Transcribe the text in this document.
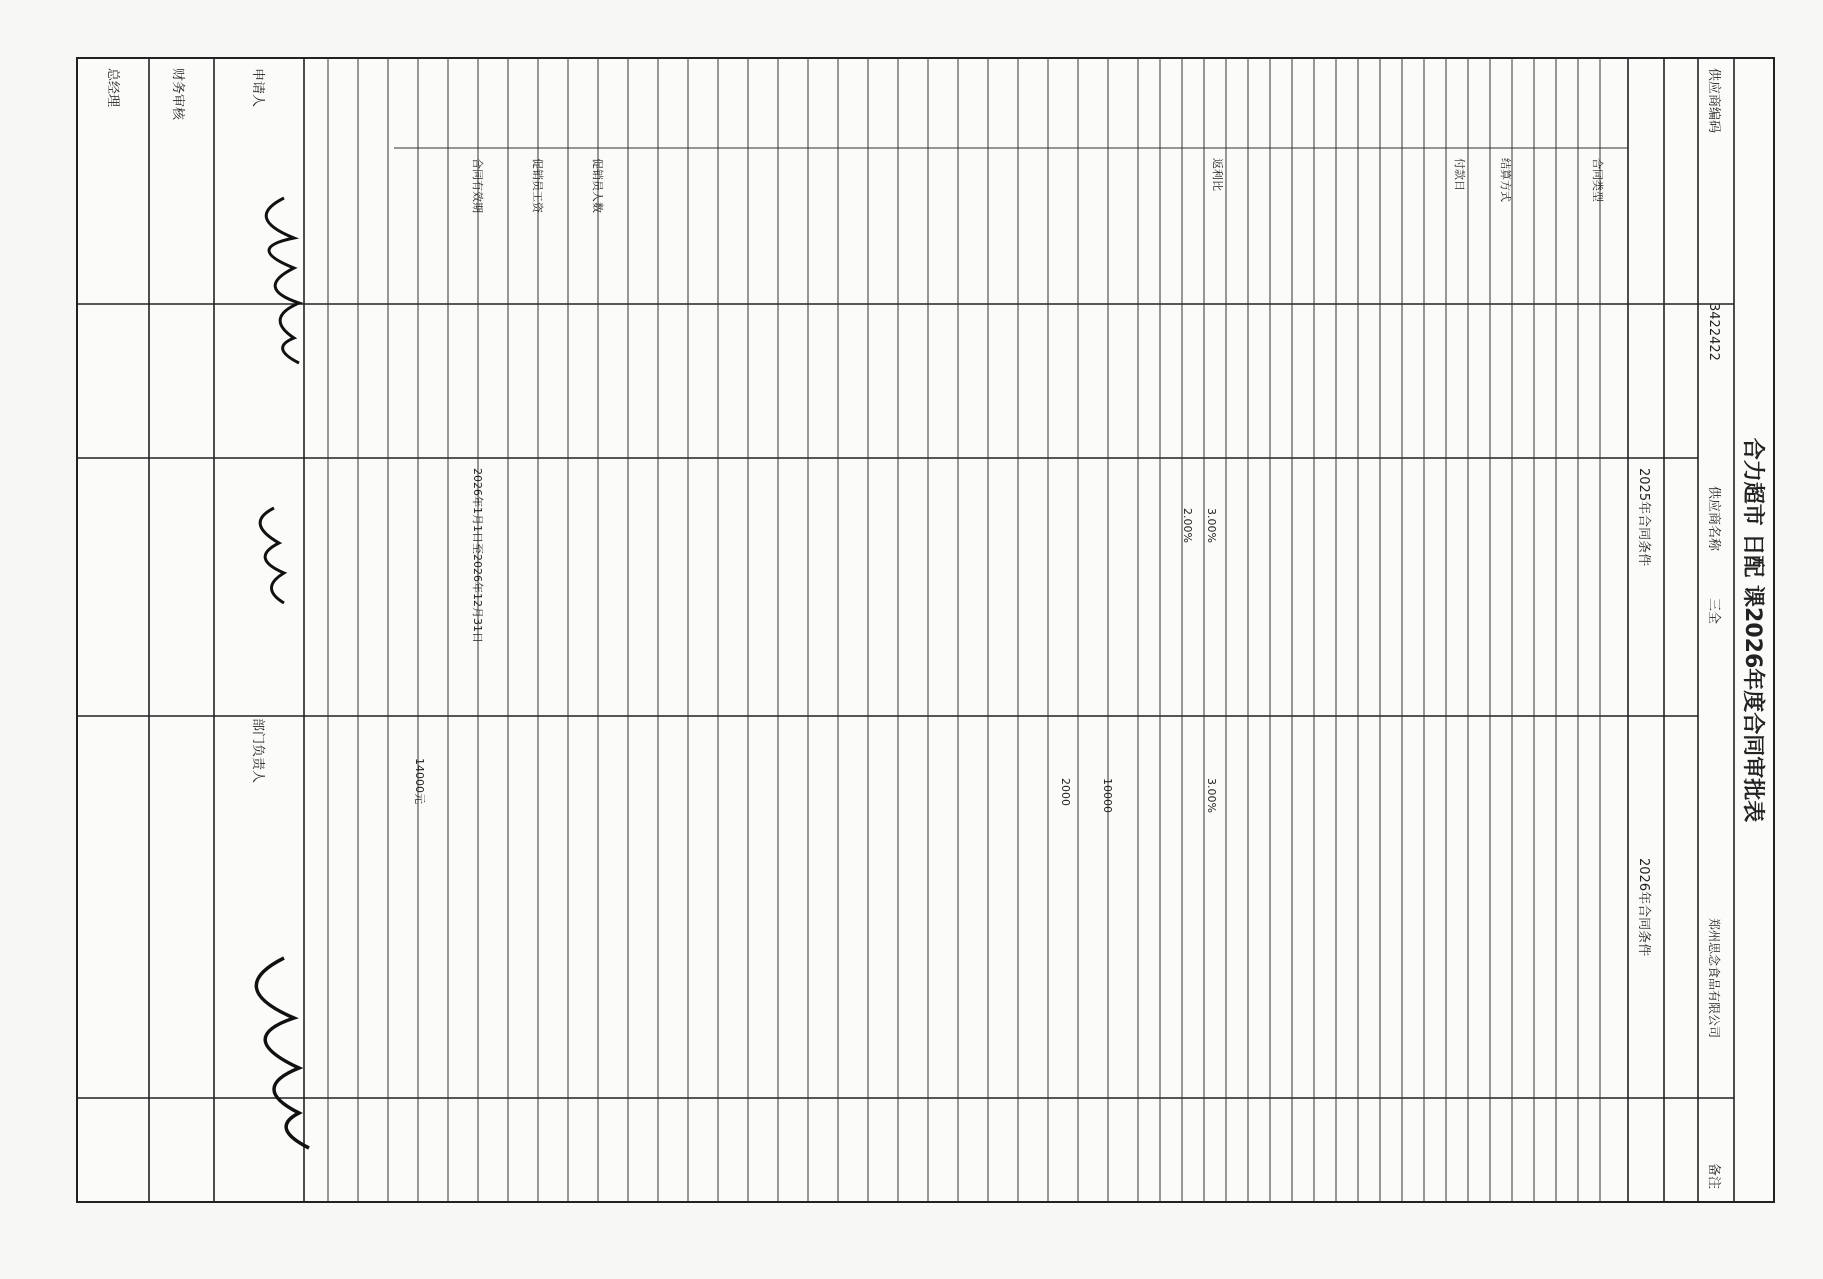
合力超市 日配 课2026年度合同审批表
供应商编码
3422422
供应商名称
三全
郑州思念食品有限公司
备注
2025年合同条件
2026年合同条件
合同类型
结算方式
付款日
返利比
促销员人数
促销员工资
合同有效期
3.00%
2.00%
3.00%
10000
2000
2026年1月1日至2026年12月31日
14000元
申请人
部门负责人
财务审核
总经理
